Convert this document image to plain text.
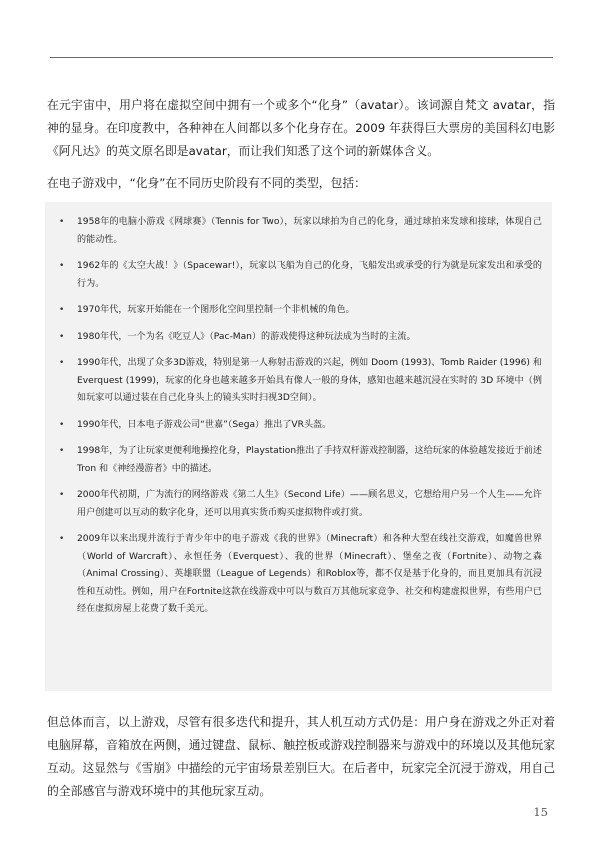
在元宇宙中，用户将在虚拟空间中拥有一个或多个“化身”（avatar）。该词源自梵文 avatar，指神的显身。在印度教中，各种神在人间都以多个化身存在。2009 年获得巨大票房的美国科幻电影《阿凡达》的英文原名即是avatar，而让我们知悉了这个词的新媒体含义。

在电子游戏中，“化身”在不同历史阶段有不同的类型，包括：

• 1958年的电脑小游戏《网球赛》（Tennis for Two），玩家以球拍为自己的化身，通过球拍来发球和接球，体现自己的能动性。
• 1962年的《太空大战！》（Spacewar!），玩家以飞船为自己的化身，飞船发出或承受的行为就是玩家发出和承受的行为。
• 1970年代，玩家开始能在一个图形化空间里控制一个非机械的角色。
• 1980年代，一个为名《吃豆人》（Pac-Man）的游戏使得这种玩法成为当时的主流。
• 1990年代，出现了众多3D游戏，特别是第一人称射击游戏的兴起，例如 Doom (1993)、Tomb Raider (1996) 和Everquest (1999)，玩家的化身也越来越多开始具有像人一般的身体，感知也越来越沉浸在实时的 3D 环境中（例如玩家可以通过装在自己化身头上的镜头实时扫视3D空间）。
• 1990年代，日本电子游戏公司“世嘉”（Sega）推出了VR头盔。
• 1998年，为了让玩家更便利地操控化身，Playstation推出了手持双杆游戏控制器，这给玩家的体验越发接近于前述Tron 和《神经漫游者》中的描述。
• 2000年代初期，广为流行的网络游戏《第二人生》（Second Life）——顾名思义，它想给用户另一个人生——允许用户创建可以互动的数字化身，还可以用真实货币购买虚拟物件或打赏。
• 2009年以来出现并流行于青少年中的电子游戏《我的世界》（Minecraft）和各种大型在线社交游戏，如魔兽世界（World of Warcraft）、永恒任务（Everquest）、我的世界（Minecraft）、堡垒之夜（Fortnite）、动物之森（Animal Crossing）、英雄联盟（League of Legends）和Roblox等，都不仅是基于化身的，而且更加具有沉浸性和互动性。例如，用户在Fortnite这款在线游戏中可以与数百万其他玩家竞争、社交和构建虚拟世界，有些用户已经在虚拟房屋上花费了数千美元。

但总体而言，以上游戏，尽管有很多迭代和提升，其人机互动方式仍是：用户身在游戏之外正对着电脑屏幕，音箱放在两侧，通过键盘、鼠标、触控板或游戏控制器来与游戏中的环境以及其他玩家互动。这显然与《雪崩》中描绘的元宇宙场景差别巨大。在后者中，玩家完全沉浸于游戏，用自己的全部感官与游戏环境中的其他玩家互动。

15
